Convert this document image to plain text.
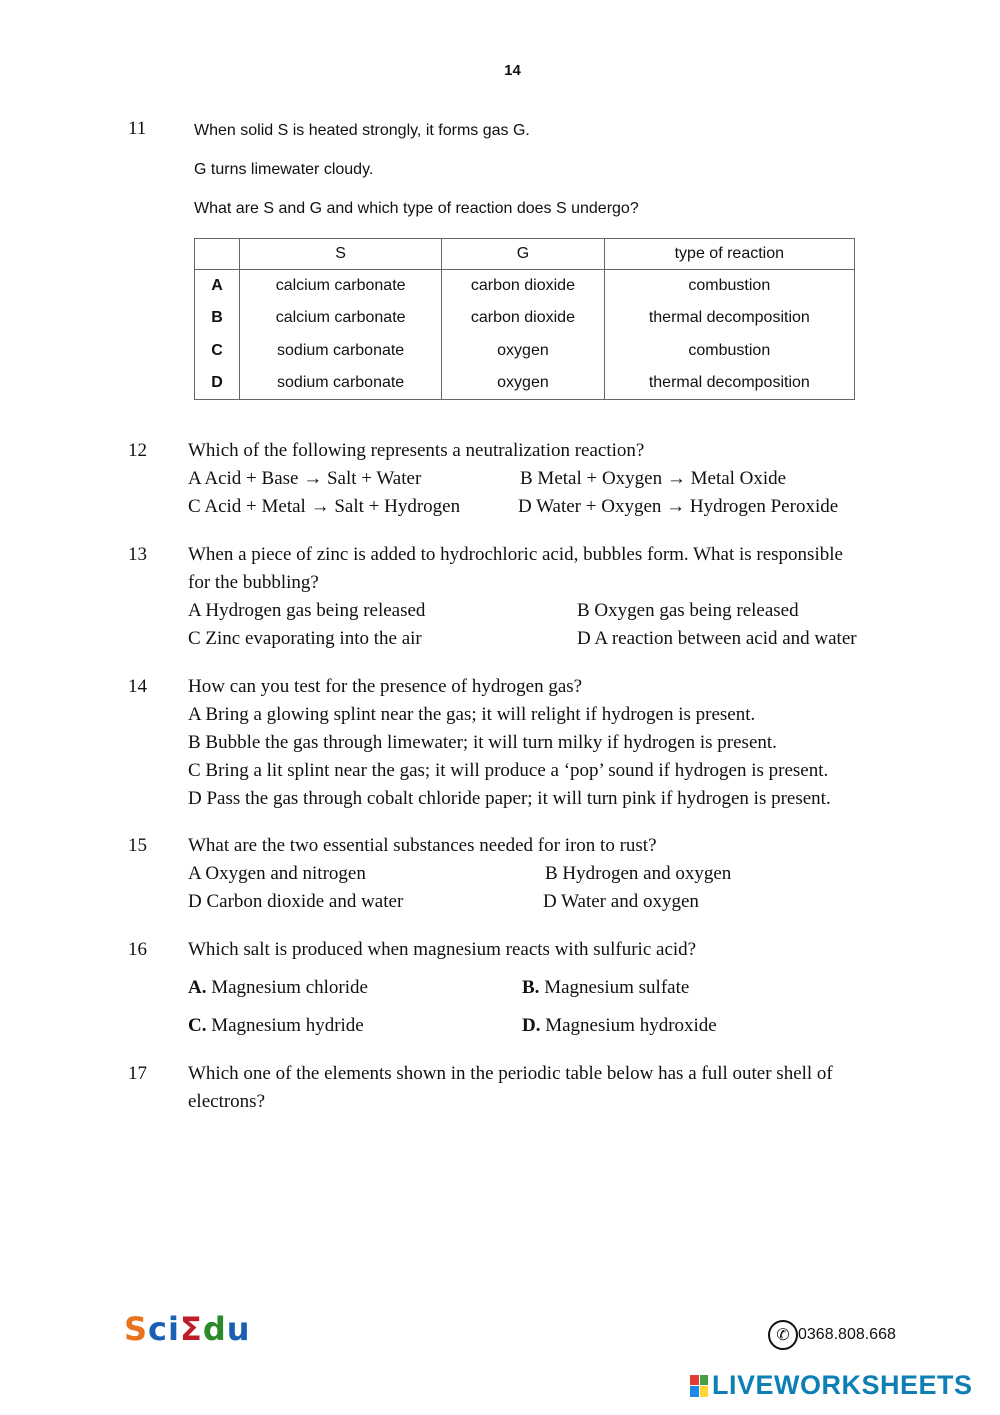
14
11	When solid S is heated strongly, it forms gas G.
G turns limewater cloudy.
What are S and G and which type of reaction does S undergo?
	S	G	type of reaction
A	calcium carbonate	carbon dioxide	combustion
B	calcium carbonate	carbon dioxide	thermal decomposition
C	sodium carbonate	oxygen	combustion
D	sodium carbonate	oxygen	thermal decomposition
12 Which of the following represents a neutralization reaction?
A Acid + Base → Salt + Water	B Metal + Oxygen → Metal Oxide
C Acid + Metal → Salt + Hydrogen	D Water + Oxygen → Hydrogen Peroxide
13 When a piece of zinc is added to hydrochloric acid, bubbles form. What is responsible
for the bubbling?
A Hydrogen gas being released	B Oxygen gas being released
C Zinc evaporating into the air	D A reaction between acid and water
14 How can you test for the presence of hydrogen gas?
A Bring a glowing splint near the gas; it will relight if hydrogen is present.
B Bubble the gas through limewater; it will turn milky if hydrogen is present.
C Bring a lit splint near the gas; it will produce a ‘pop’ sound if hydrogen is present.
D Pass the gas through cobalt chloride paper; it will turn pink if hydrogen is present.
15 What are the two essential substances needed for iron to rust?
A Oxygen and nitrogen	B Hydrogen and oxygen
D Carbon dioxide and water	D Water and oxygen
16 Which salt is produced when magnesium reacts with sulfuric acid?
A. Magnesium chloride	B. Magnesium sulfate
C. Magnesium hydride	D. Magnesium hydroxide
17 Which one of the elements shown in the periodic table below has a full outer shell of
electrons?
SciΣdu	✆ 0368.808.668
LIVEWORKSHEETS
